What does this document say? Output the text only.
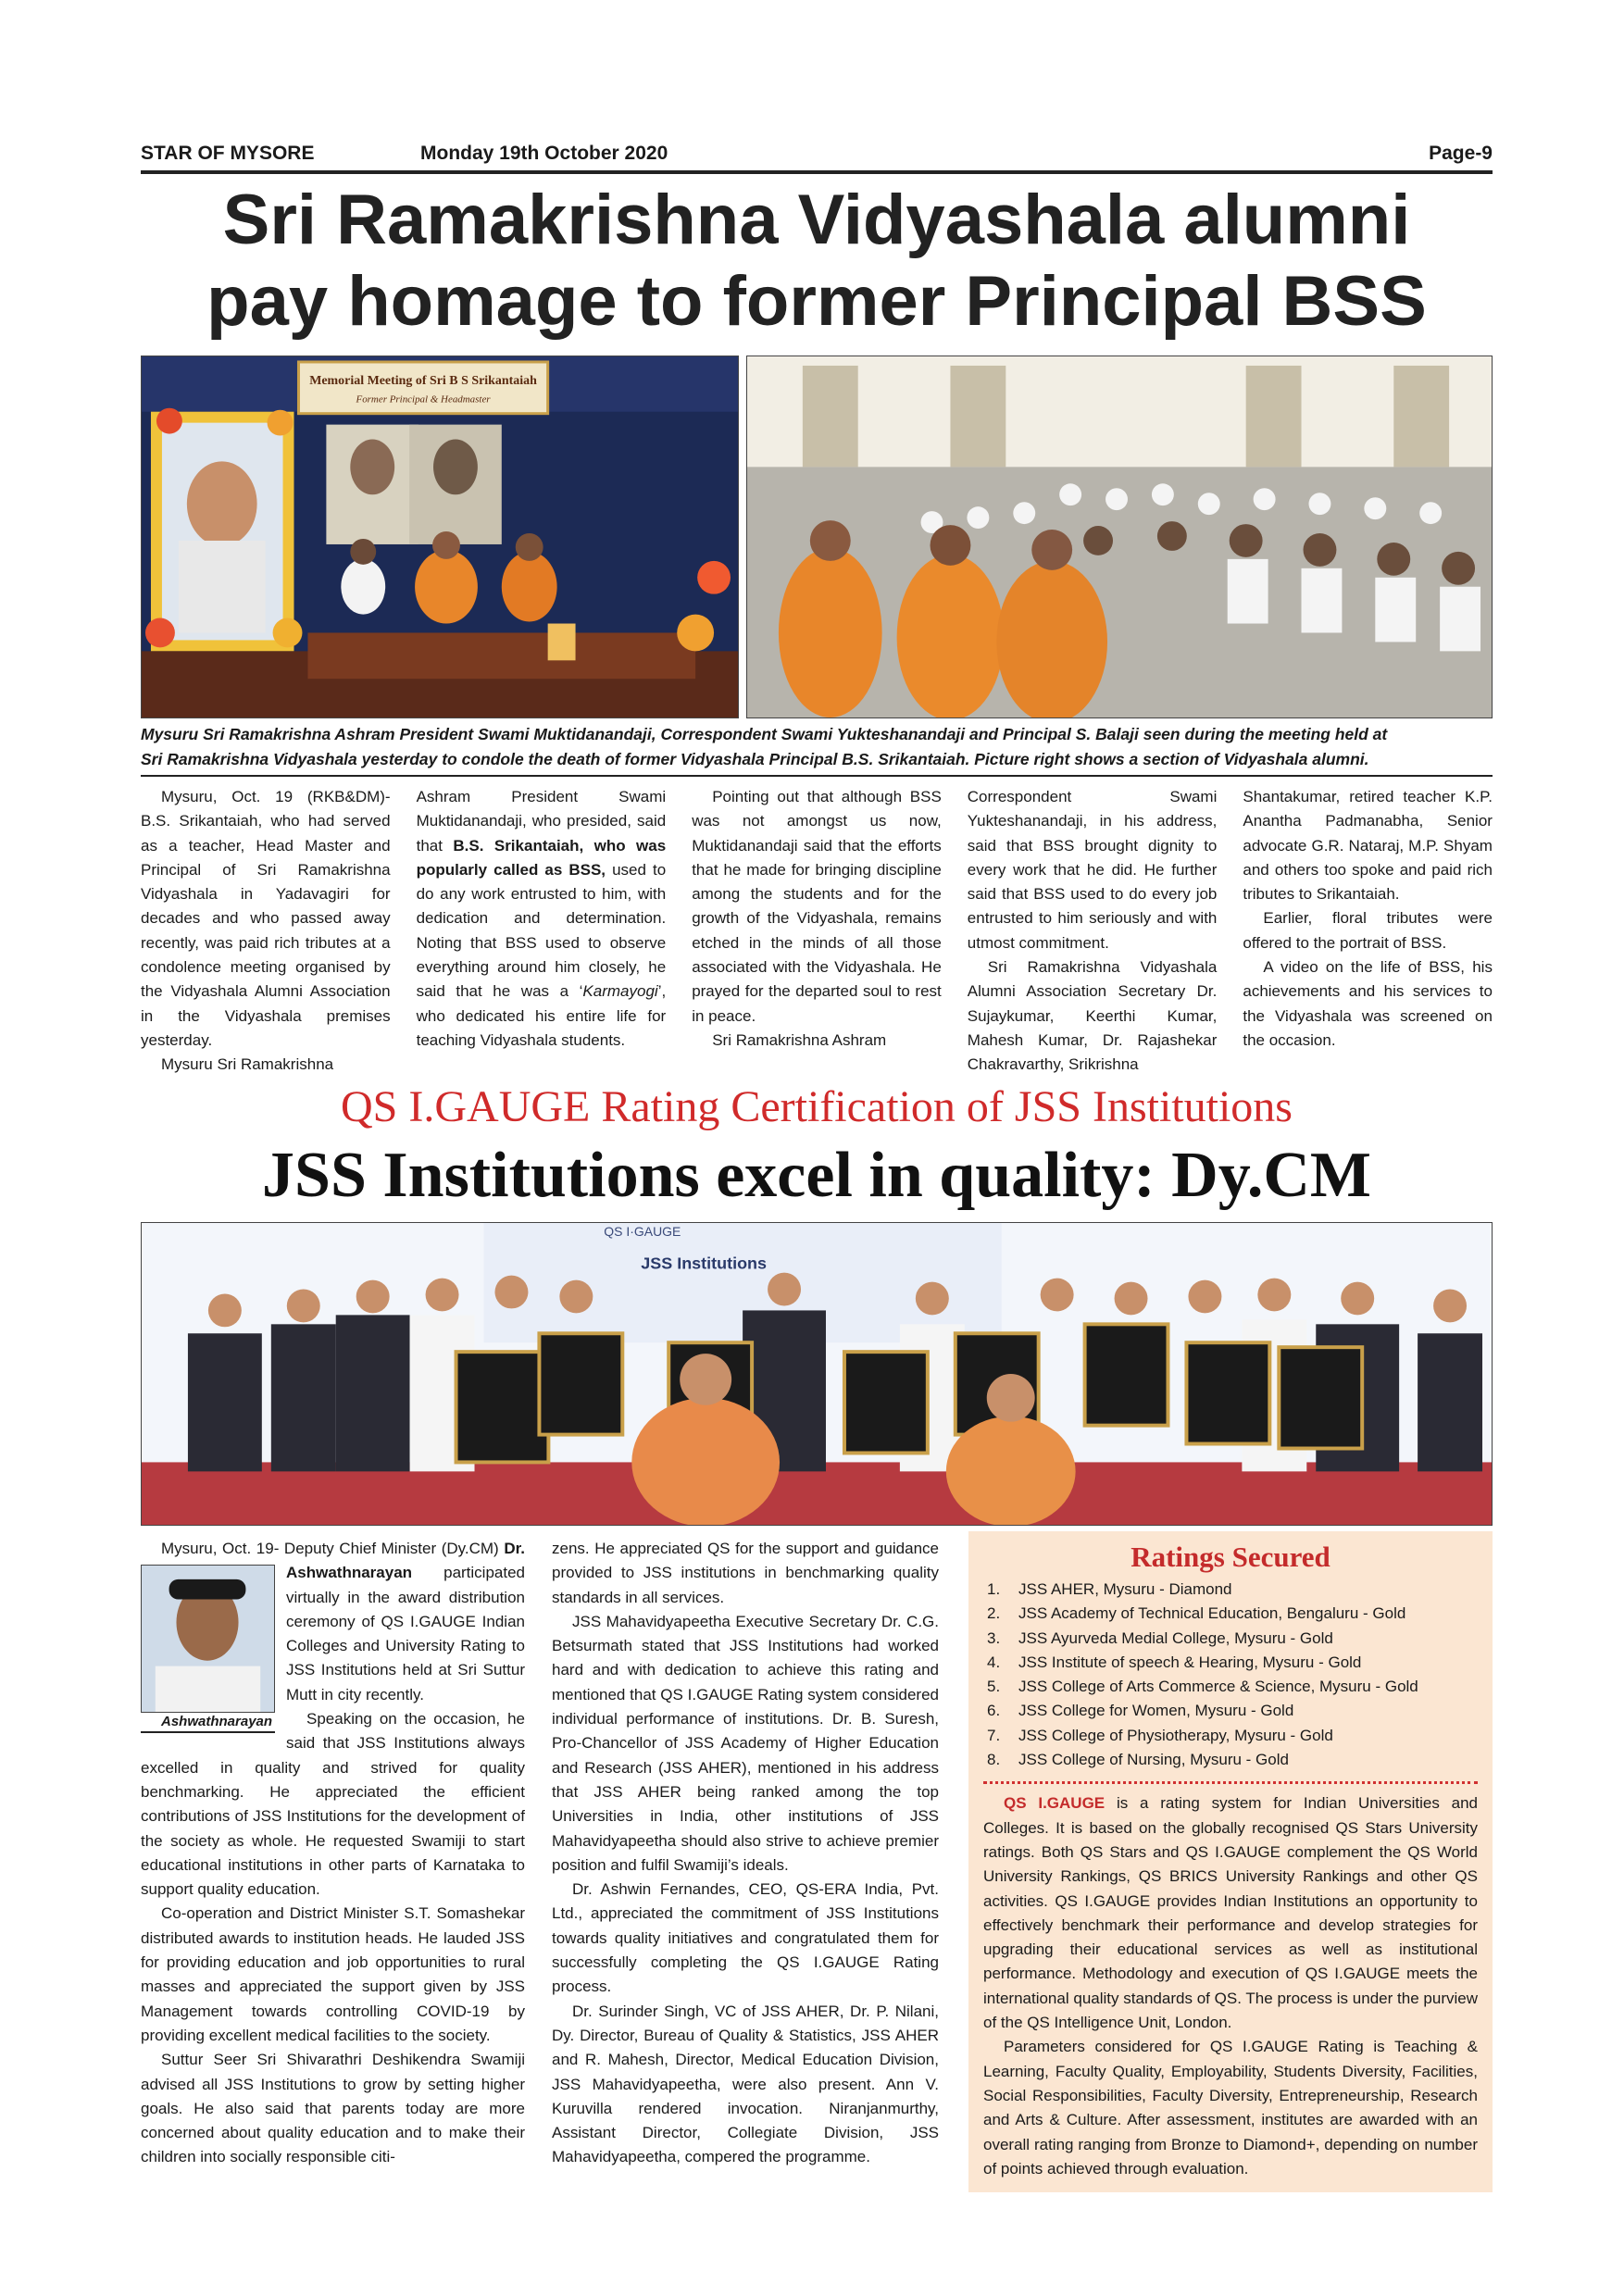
STAR OF MYSORE	Monday 19th October 2020	Page-9
Sri Ramakrishna Vidyashala alumni
pay homage to former Principal BSS
Memorial Meeting of Sri B S Srikantaiah
Former Principal & Headmaster
Mysuru Sri Ramakrishna Ashram President Swami Muktidanandaji, Correspondent Swami Yukteshanandaji and Principal S. Balaji seen during the meeting held at
Sri Ramakrishna Vidyashala yesterday to condole the death of former Vidyashala Principal B.S. Srikantaiah. Picture right shows a section of Vidyashala alumni.

Mysuru, Oct. 19 (RKB&DM)- B.S. Srikantaiah, who had served as a teacher, Head Master and Principal of Sri Ramakrishna Vidyashala in Yadavagiri for decades and who passed away recently, was paid rich tributes at a condolence meeting organised by the Vidyashala Alumni Association in the Vidyashala premises yesterday.

Mysuru Sri Ramakrishna

Ashram President Swami Muktidanandaji, who presided, said that B.S. Srikantaiah, who was popularly called as BSS, used to do any work entrusted to him, with dedication and determination. Noting that BSS used to observe everything around him closely, he said that he was a ‘Karmayogi’, who dedicated his entire life for teaching Vidyashala students.

Pointing out that although BSS was not amongst us now, Muktidanandaji said that the efforts that he made for bringing discipline among the students and for the growth of the Vidyashala, remains etched in the minds of all those associated with the Vidyashala. He prayed for the departed soul to rest in peace.

Sri Ramakrishna Ashram

Correspondent Swami Yukteshanandaji, in his address, said that BSS brought dignity to every work that he did. He further said that BSS used to do every job entrusted to him seriously and with utmost commitment.

Sri Ramakrishna Vidyashala Alumni Association Secretary Dr. Sujaykumar, Keerthi Kumar, Mahesh Kumar, Dr. Rajashekar Chakravarthy, Srikrishna

Shantakumar, retired teacher K.P. Anantha Padmanabha, Senior advocate G.R. Nataraj, M.P. Shyam and others too spoke and paid rich tributes to Srikantaiah.

Earlier, floral tributes were offered to the portrait of BSS.

A video on the life of BSS, his achievements and his services to the Vidyashala was screened on the occasion.

QS I.GAUGE Rating Certification of JSS Institutions
JSS Institutions excel in quality: Dy.CM
QS I·GAUGE
JSS Institutions

Mysuru, Oct. 19- Deputy Chief Minister (Dy.CM) Dr. Ashwathnarayan
Ashwathnarayan
participated virtually in the award distribution ceremony of QS I.GAUGE Indian Colleges and University Rating to JSS Institutions held at Sri Suttur Mutt in city recently.

Speaking on the occasion, he said that JSS Institutions always excelled in quality and strived for quality benchmarking. He appreciated the efficient contributions of JSS Institutions for the development of the society as whole. He requested Swamiji to start educational institutions in other parts of Karnataka to support quality education.

Co-operation and District Minister S.T. Somashekar distributed awards to institution heads. He lauded JSS for providing education and job opportunities to rural masses and appreciated the support given by JSS Management towards controlling COVID-19 by providing excellent medical facilities to the society.

Suttur Seer Sri Shivarathri Deshikendra Swamiji advised all JSS Institutions to grow by setting higher goals. He also said that parents today are more concerned about quality education and to make their children into socially responsible citi-

zens. He appreciated QS for the support and guidance provided to JSS institutions in benchmarking quality standards in all services.

JSS Mahavidyapeetha Executive Secretary Dr. C.G. Betsurmath stated that JSS Institutions had worked hard and with dedication to achieve this rating and mentioned that QS I.GAUGE Rating system considered individual performance of institutions. Dr. B. Suresh, Pro-Chancellor of JSS Academy of Higher Education and Research (JSS AHER), mentioned in his address that JSS AHER being ranked among the top Universities in India, other institutions of JSS Mahavidyapeetha should also strive to achieve premier position and fulfil Swamiji’s ideals.

Dr. Ashwin Fernandes, CEO, QS-ERA India, Pvt. Ltd., appreciated the commitment of JSS Institutions towards quality initiatives and congratulated them for successfully completing the QS I.GAUGE Rating process.

Dr. Surinder Singh, VC of JSS AHER, Dr. P. Nilani, Dy. Director, Bureau of Quality & Statistics, JSS AHER and R. Mahesh, Director, Medical Education Division, JSS Mahavidyapeetha, were also present. Ann V. Kuruvilla rendered invocation. Niranjanmurthy, Assistant Director, Collegiate Division, JSS Mahavidyapeetha, compered the programme.

Ratings Secured
1. JSS AHER, Mysuru - Diamond
2. JSS Academy of Technical Education, Bengaluru - Gold
3. JSS Ayurveda Medial College, Mysuru - Gold
4. JSS Institute of speech & Hearing, Mysuru - Gold
5. JSS College of Arts Commerce & Science, Mysuru - Gold
6. JSS College for Women, Mysuru - Gold
7. JSS College of Physiotherapy, Mysuru - Gold
8. JSS College of Nursing, Mysuru - Gold

QS I.GAUGE is a rating system for Indian Universities and Colleges. It is based on the globally recognised QS Stars University ratings. Both QS Stars and QS I.GAUGE complement the QS World University Rankings, QS BRICS University Rankings and other QS activities. QS I.GAUGE provides Indian Institutions an opportunity to effectively benchmark their performance and develop strategies for upgrading their educational services as well as institutional performance. Methodology and execution of QS I.GAUGE meets the international quality standards of QS. The process is under the purview of the QS Intelligence Unit, London.

Parameters considered for QS I.GAUGE Rating is Teaching & Learning, Faculty Quality, Employability, Students Diversity, Facilities, Social Responsibilities, Faculty Diversity, Entrepreneurship, Research and Arts & Culture. After assessment, institutes are awarded with an overall rating ranging from Bronze to Diamond+, depending on number of points achieved through evaluation.
